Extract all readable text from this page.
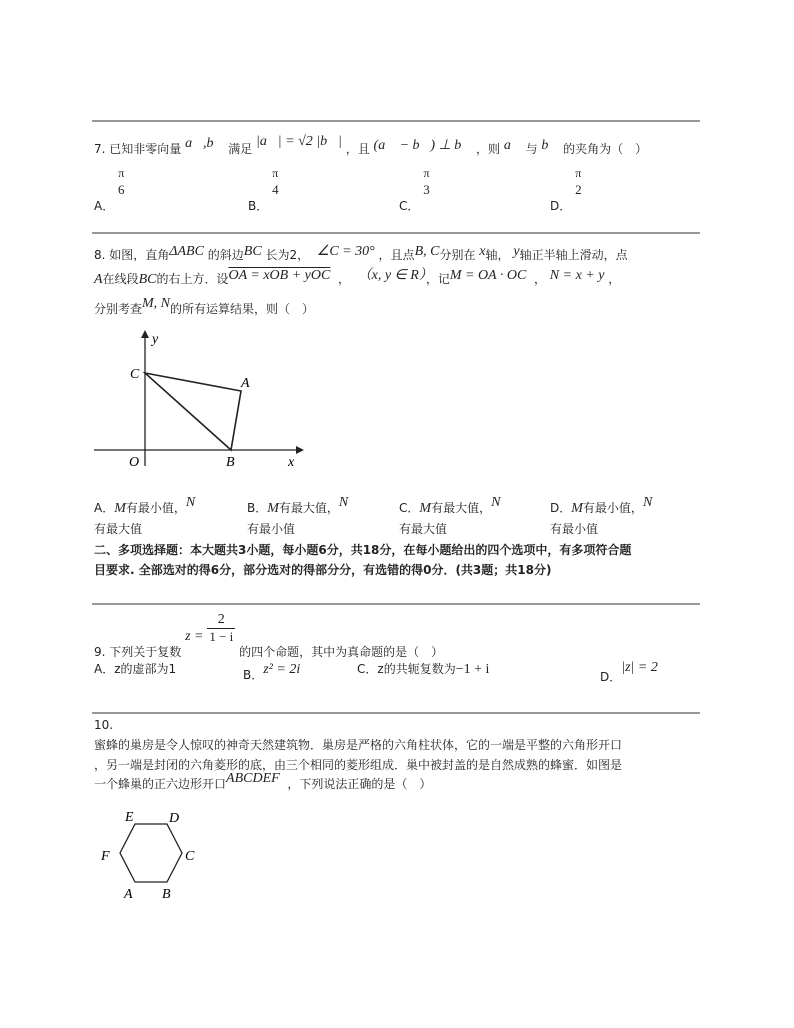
7. 已知非零向量 a⃗,b⃗ 满足 |a⃗| = √2 |b⃗| ，且 (a⃗ − b⃗) ⊥ b⃗ ，则 a⃗ 与 b⃗ 的夹角为（　）
A．
π
6
B．
π
4
C．
π
3
D．
π
2
8. 如图，直角ΔABC 的斜边BC 长为2， ∠C = 30° ，且点B, C分别在 x轴， y轴正半轴上滑动，点
A在线段BC的右上方．设OA = xOB + yOC ， （x, y ∈ R），记M = OA · OC ， N = x + y ，
分别考查M, N的所有运算结果，则（　）
y
C
A
O	B	x
A．M有最小值，N
有最大值
B．M有最大值，N
有最小值
C．M有最大值，N
有最大值
D．M有最小值，N
有最小值
二、多项选择题：本大题共3小题，每小题6分，共18分，在每小题给出的四个选项中，有多项符合题
目要求. 全部选对的得6分，部分选对的得部分分，有选错的得0分．(共3题；共18分)
9. 下列关于复数 $z = \frac{2}{1 - i}$
的四个命题，其中为真命题的是（　）
A．z的虚部为1	B．z² = 2i	C．z的共轭复数为−1 + i	D．|z| = 2
10.
蜜蜂的巢房是令人惊叹的神奇天然建筑物．巢房是严格的六角柱状体，它的一端是平整的六角形开口
，另一端是封闭的六角菱形的底，由三个相同的菱形组成．巢中被封盖的是自然成熟的蜂蜜．如图是
一个蜂巢的正六边形开口ABCDEF ，下列说法正确的是（　）
E	D
F	C
A B
